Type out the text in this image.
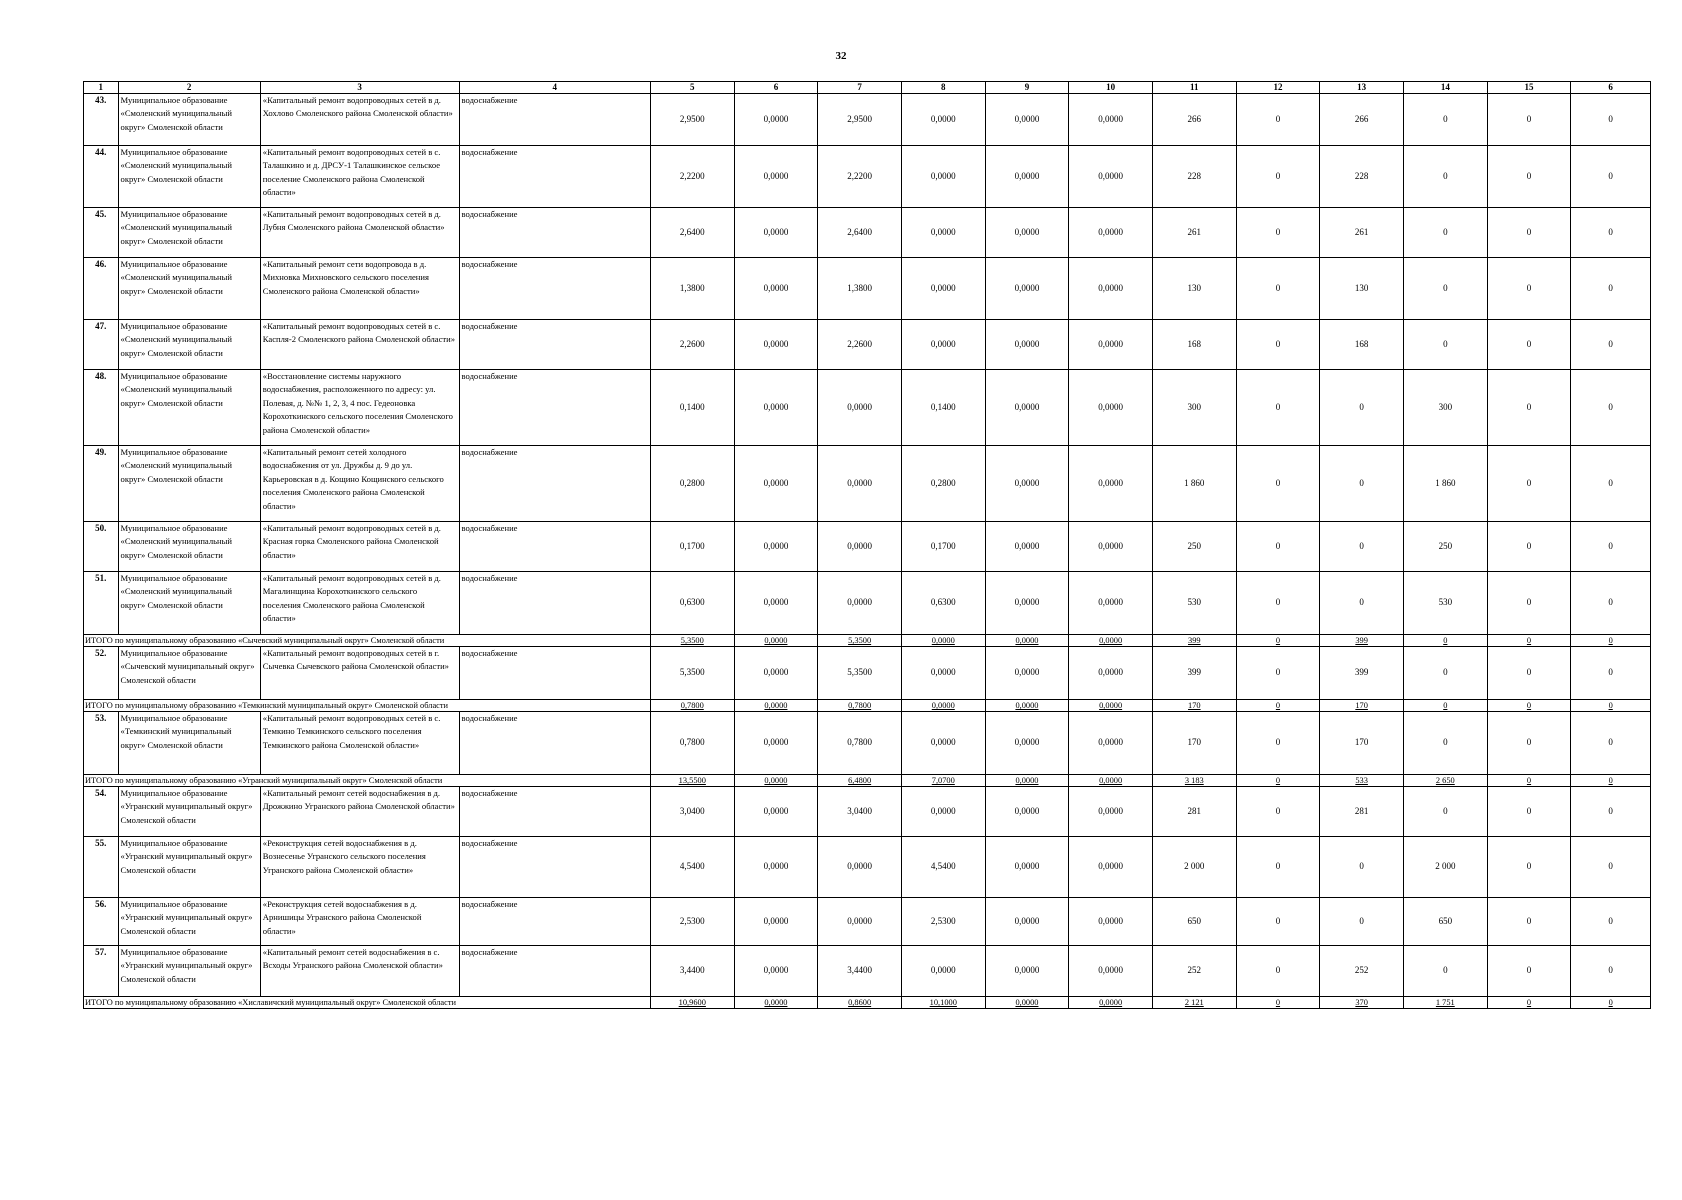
32
1	2	3	4	5	6	7	8	9	10	11	12	13	14	15	6
43.	Муниципальное образование «Смоленский муниципальный округ» Смоленской области	«Капитальный ремонт водопроводных сетей в д. Хохлово Смоленского района Смоленской области»	водоснабжение	2,9500	0,0000	2,9500	0,0000	0,0000	0,0000	266	0	266	0	0	0
44.	Муниципальное образование «Смоленский муниципальный округ» Смоленской области	«Капитальный ремонт водопроводных сетей в с. Талашкино и д. ДРСУ-1 Талашкинское сельское поселение Смоленского района Смоленской области»	водоснабжение	2,2200	0,0000	2,2200	0,0000	0,0000	0,0000	228	0	228	0	0	0
45.	Муниципальное образование «Смоленский муниципальный округ» Смоленской области	«Капитальный ремонт водопроводных сетей в д. Лубня Смоленского района Смоленской области»	водоснабжение	2,6400	0,0000	2,6400	0,0000	0,0000	0,0000	261	0	261	0	0	0
46.	Муниципальное образование «Смоленский муниципальный округ» Смоленской области	«Капитальный ремонт сети водопровода в д. Михновка Михновского сельского поселения Смоленского района Смоленской области»	водоснабжение	1,3800	0,0000	1,3800	0,0000	0,0000	0,0000	130	0	130	0	0	0
47.	Муниципальное образование «Смоленский муниципальный округ» Смоленской области	«Капитальный ремонт водопроводных сетей в с. Каспля-2 Смоленского района Смоленской области»	водоснабжение	2,2600	0,0000	2,2600	0,0000	0,0000	0,0000	168	0	168	0	0	0
48.	Муниципальное образование «Смоленский муниципальный округ» Смоленской области	«Восстановление системы наружного водоснабжения, расположенного по адресу: ул. Полевая, д. №№ 1, 2, 3, 4 пос. Гедеоновка Корохоткинского сельского поселения Смоленского района Смоленской области»	водоснабжение	0,1400	0,0000	0,0000	0,1400	0,0000	0,0000	300	0	0	300	0	0
49.	Муниципальное образование «Смоленский муниципальный округ» Смоленской области	«Капитальный ремонт сетей холодного водоснабжения от ул. Дружбы д. 9 до ул. Карьеровская в д. Кощино Кощинского сельского поселения Смоленского района Смоленской области»	водоснабжение	0,2800	0,0000	0,0000	0,2800	0,0000	0,0000	1 860	0	0	1 860	0	0
50.	Муниципальное образование «Смоленский муниципальный округ» Смоленской области	«Капитальный ремонт водопроводных сетей в д. Красная горка Смоленского района Смоленской области»	водоснабжение	0,1700	0,0000	0,0000	0,1700	0,0000	0,0000	250	0	0	250	0	0
51.	Муниципальное образование «Смоленский муниципальный округ» Смоленской области	«Капитальный ремонт водопроводных сетей в д. Магалинщина Корохоткинского сельского поселения Смоленского района Смоленской области»	водоснабжение	0,6300	0,0000	0,0000	0,6300	0,0000	0,0000	530	0	0	530	0	0
ИТОГО по муниципальному образованию «Сычевский муниципальный округ» Смоленской области				5,3500	0,0000	5,3500	0,0000	0,0000	0,0000	399	0	399	0	0	0
52.	Муниципальное образование «Сычевский муниципальный округ» Смоленской области	«Капитальный ремонт водопроводных сетей в г. Сычевка Сычевского района Смоленской области»	водоснабжение	5,3500	0,0000	5,3500	0,0000	0,0000	0,0000	399	0	399	0	0	0
ИТОГО по муниципальному образованию «Темкинский муниципальный округ» Смоленской области				0,7800	0,0000	0,7800	0,0000	0,0000	0,0000	170	0	170	0	0	0
53.	Муниципальное образование «Темкинский муниципальный округ» Смоленской области	«Капитальный ремонт водопроводных сетей в с. Темкино Темкинского сельского поселения Темкинского района Смоленской области»	водоснабжение	0,7800	0,0000	0,7800	0,0000	0,0000	0,0000	170	0	170	0	0	0
ИТОГО по муниципальному образованию «Угранский муниципальный округ» Смоленской области				13,5500	0,0000	6,4800	7,0700	0,0000	0,0000	3 183	0	533	2 650	0	0
54.	Муниципальное образование «Угранский муниципальный округ» Смоленской области	«Капитальный ремонт сетей водоснабжения в д. Дрожжино Угранского района Смоленской области»	водоснабжение	3,0400	0,0000	3,0400	0,0000	0,0000	0,0000	281	0	281	0	0	0
55.	Муниципальное образование «Угранский муниципальный округ» Смоленской области	«Реконструкция сетей водоснабжения в д. Вознесенье Угранского сельского поселения Угранского района Смоленской области»	водоснабжение	4,5400	0,0000	0,0000	4,5400	0,0000	0,0000	2 000	0	0	2 000	0	0
56.	Муниципальное образование «Угранский муниципальный округ» Смоленской области	«Реконструкция сетей водоснабжения в д. Арнишицы Угранского района Смоленской области»	водоснабжение	2,5300	0,0000	0,0000	2,5300	0,0000	0,0000	650	0	0	650	0	0
57.	Муниципальное образование «Угранский муниципальный округ» Смоленской области	«Капитальный ремонт сетей водоснабжения в с. Всходы Угранского района Смоленской области»	водоснабжение	3,4400	0,0000	3,4400	0,0000	0,0000	0,0000	252	0	252	0	0	0
ИТОГО по муниципальному образованию «Хиславичский муниципальный округ» Смоленской области				10,9600	0,0000	0,8600	10,1000	0,0000	0,0000	2 121	0	370	1 751	0	0
